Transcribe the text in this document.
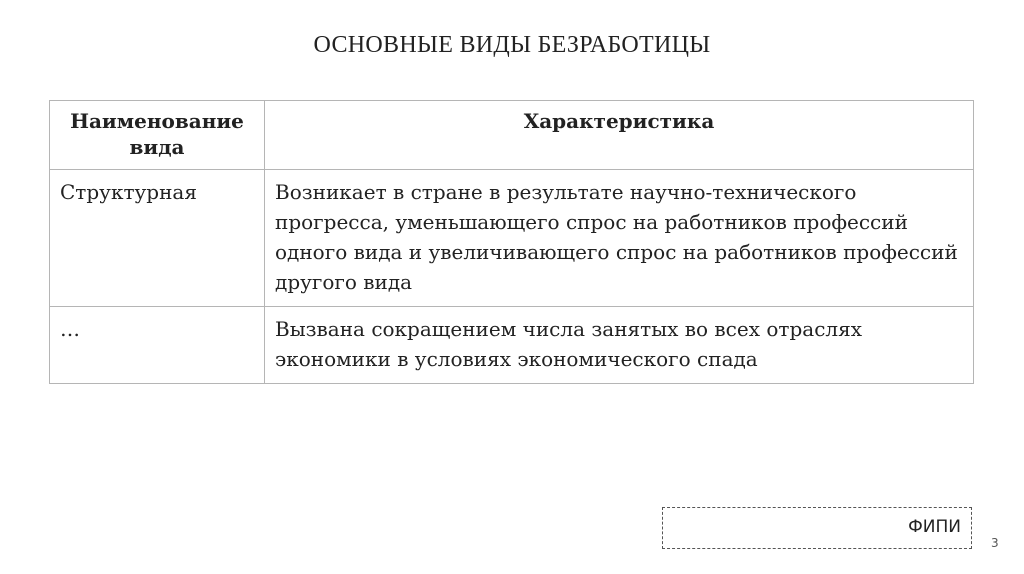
ОСНОВНЫЕ ВИДЫ БЕЗРАБОТИЦЫ
Наименование вида	Характеристика
Структурная	Возникает в стране в результате научно-технического прогресса, уменьшающего спрос на работников профессий одного вида и увеличивающего спрос на работников профессий другого вида
…	Вызвана сокращением числа занятых во всех отраслях экономики в условиях экономического спада
ФИПИ
3
